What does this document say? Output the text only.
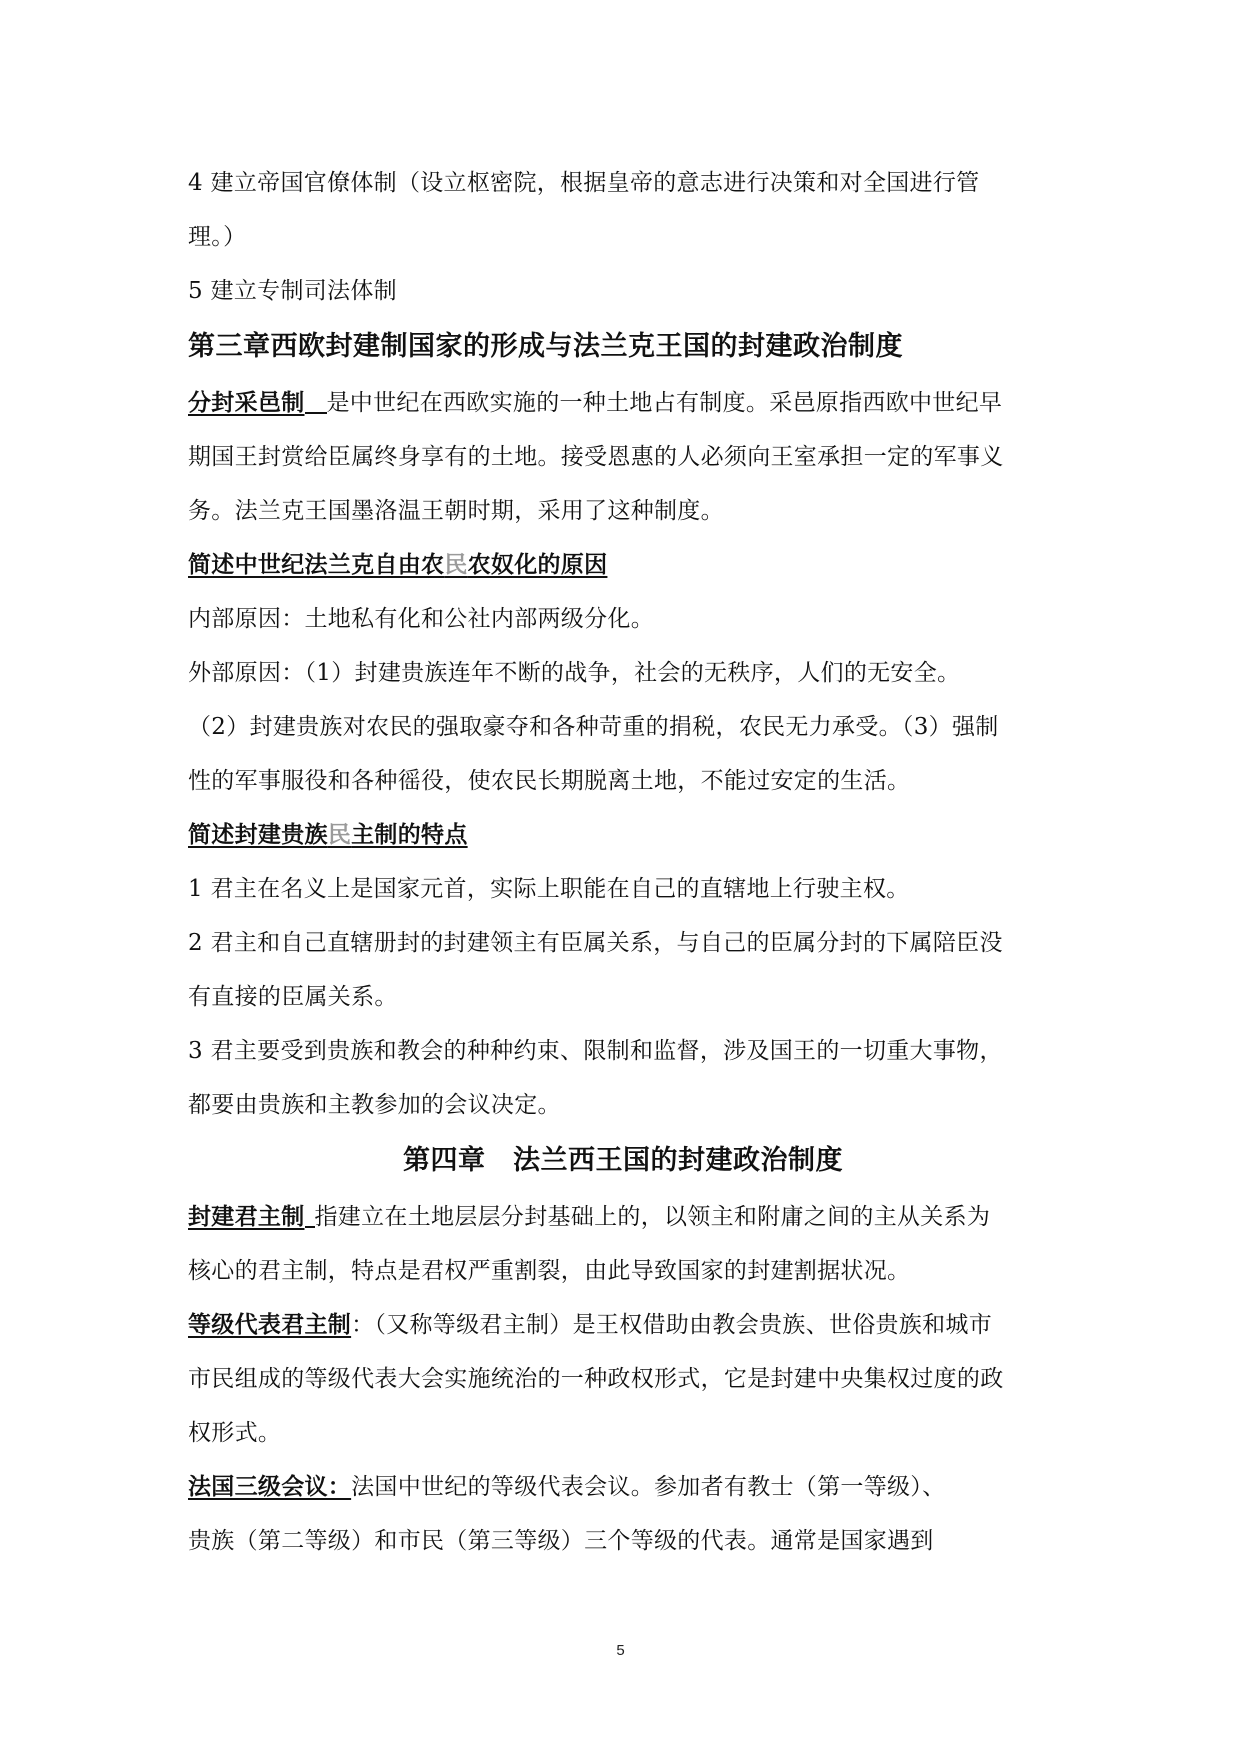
4 建立帝国官僚体制（设立枢密院，根据皇帝的意志进行决策和对全国进行管
理。）
5 建立专制司法体制
第三章西欧封建制国家的形成与法兰克王国的封建政治制度
分封采邑制 是中世纪在西欧实施的一种土地占有制度。采邑原指西欧中世纪早
期国王封赏给臣属终身享有的土地。接受恩惠的人必须向王室承担一定的军事义
务。法兰克王国墨洛温王朝时期，采用了这种制度。
简述中世纪法兰克自由农民农奴化的原因
内部原因：土地私有化和公社内部两级分化。
外部原因：（1）封建贵族连年不断的战争，社会的无秩序，人们的无安全。
（2）封建贵族对农民的强取豪夺和各种苛重的捐税，农民无力承受。（3）强制
性的军事服役和各种徭役，使农民长期脱离土地，不能过安定的生活。
简述封建贵族民主制的特点
1 君主在名义上是国家元首，实际上职能在自己的直辖地上行驶主权。
2 君主和自己直辖册封的封建领主有臣属关系，与自己的臣属分封的下属陪臣没
有直接的臣属关系。
3 君主要受到贵族和教会的种种约束、限制和监督，涉及国王的一切重大事物，
都要由贵族和主教参加的会议决定。
第四章　法兰西王国的封建政治制度
封建君主制 指建立在土地层层分封基础上的，以领主和附庸之间的主从关系为
核心的君主制，特点是君权严重割裂，由此导致国家的封建割据状况。
等级代表君主制：（又称等级君主制）是王权借助由教会贵族、世俗贵族和城市
市民组成的等级代表大会实施统治的一种政权形式，它是封建中央集权过度的政
权形式。
法国三级会议：法国中世纪的等级代表会议。参加者有教士（第一等级）、
贵族（第二等级）和市民（第三等级）三个等级的代表。通常是国家遇到
5
